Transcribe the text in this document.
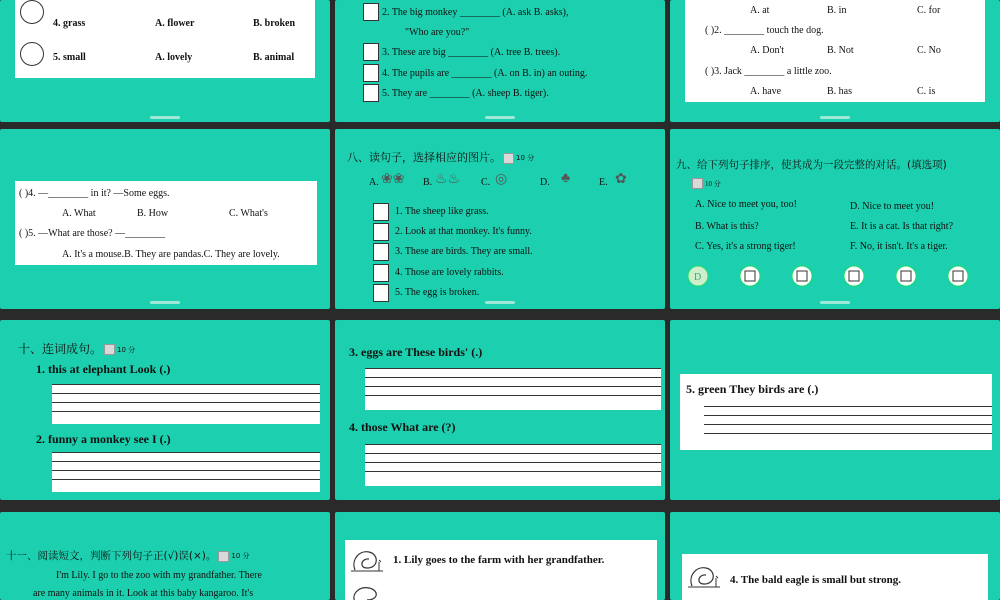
4. grass	A. flower	B. broken
5. small	A. lovely	B. animal
2. The big monkey ________ (A. ask B. asks),
"Who are you?"
3. These are big ________ (A. tree B. trees).
4. The pupils are ________ (A. on B. in) an outing.
5. They are ________ (A. sheep B. tiger).
A. at	B. in	C. for
( )2. ________ touch the dog.
A. Don't	B. Not	C. No
( )3. Jack ________ a little zoo.
A. have	B. has	C. is
( )4. —________ in it? —Some eggs.
A. What	B. How	C. What's
( )5. —What are those? —________
A. It's a mouse.B. They are pandas.C. They are lovely.
八、读句子，选择相应的图片。 10 分
A. ❀❀ B. ♨♨ C. ◎	D. ♣	E. ✿
1. The sheep like grass.
2. Look at that monkey. It's funny.
3. These are birds. They are small.
4. Those are lovely rabbits.
5. The egg is broken.
九、给下列句子排序，使其成为一段完整的对话。(填选项)
10 分
A. Nice to meet you, too!	D. Nice to meet you!
B. What is this?	E. It is a cat. Is that right?
C. Yes, it's a strong tiger!	F. No, it isn't. It's a tiger.
D
十、连词成句。 10 分
1. this at elephant Look (.)
2. funny a monkey see I (.)
3. eggs are These birds' (.)
4. those What are (?)
5. green They birds are (.)
十一、阅读短文，判断下列句子正(√)误(×)。 10 分
I'm Lily. I go to the zoo with my grandfather. There
are many animals in it. Look at this baby kangaroo. It's
1. Lily goes to the farm with her grandfather.
4. The bald eagle is small but strong.
